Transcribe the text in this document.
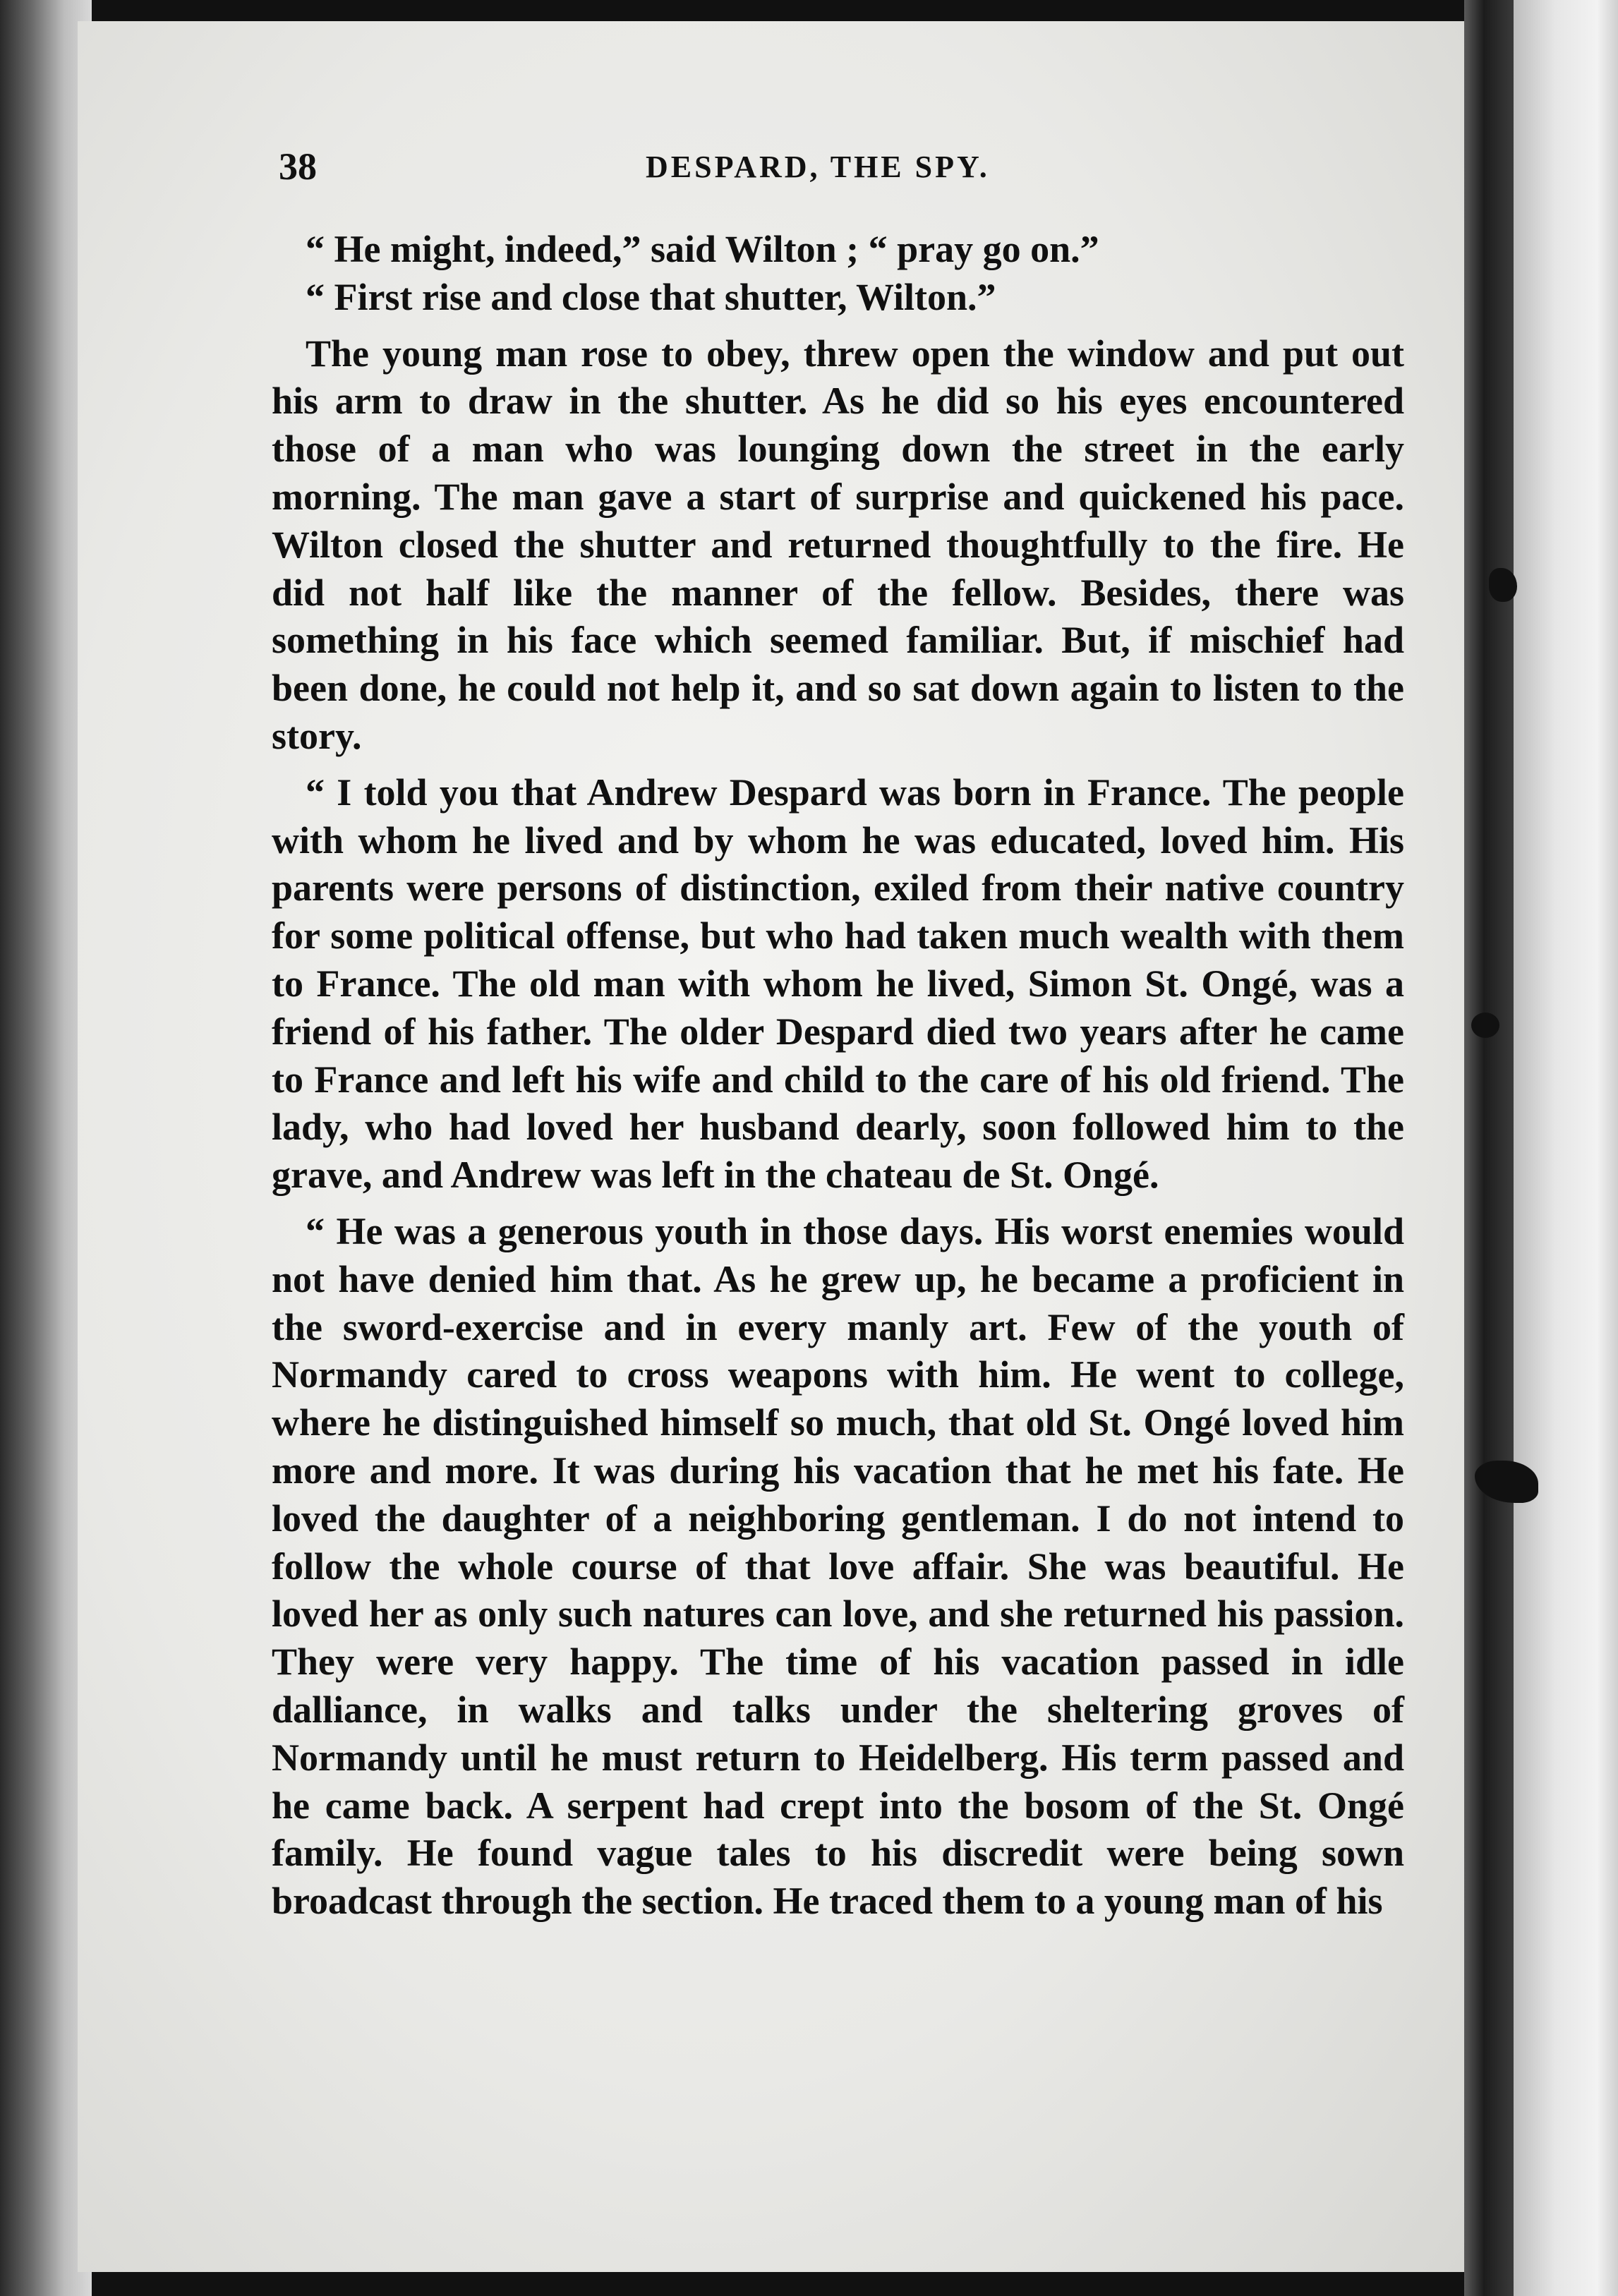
38	DESPARD, THE SPY.

“ He might, indeed,” said Wilton ; “ pray go on.”

“ First rise and close that shutter, Wilton.”

The young man rose to obey, threw open the window and put out his arm to draw in the shutter. As he did so his eyes encountered those of a man who was lounging down the street in the early morning. The man gave a start of surprise and quickened his pace. Wilton closed the shutter and returned thoughtfully to the fire. He did not half like the manner of the fellow. Besides, there was something in his face which seemed familiar. But, if mischief had been done, he could not help it, and so sat down again to listen to the story.

“ I told you that Andrew Despard was born in France. The people with whom he lived and by whom he was educated, loved him. His parents were persons of distinction, exiled from their native country for some political offense, but who had taken much wealth with them to France. The old man with whom he lived, Simon St. Ongé, was a friend of his father. The older Despard died two years after he came to France and left his wife and child to the care of his old friend. The lady, who had loved her husband dearly, soon followed him to the grave, and Andrew was left in the chateau de St. Ongé.

“ He was a generous youth in those days. His worst enemies would not have denied him that. As he grew up, he became a proficient in the sword-exercise and in every manly art. Few of the youth of Normandy cared to cross weapons with him. He went to college, where he distinguished himself so much, that old St. Ongé loved him more and more. It was during his vacation that he met his fate. He loved the daughter of a neighboring gentleman. I do not intend to follow the whole course of that love affair. She was beautiful. He loved her as only such natures can love, and she returned his passion. They were very happy. The time of his vacation passed in idle dalliance, in walks and talks under the sheltering groves of Normandy until he must return to Heidelberg. His term passed and he came back. A serpent had crept into the bosom of the St. Ongé family. He found vague tales to his discredit were being sown broadcast through the section. He traced them to a young man of his
